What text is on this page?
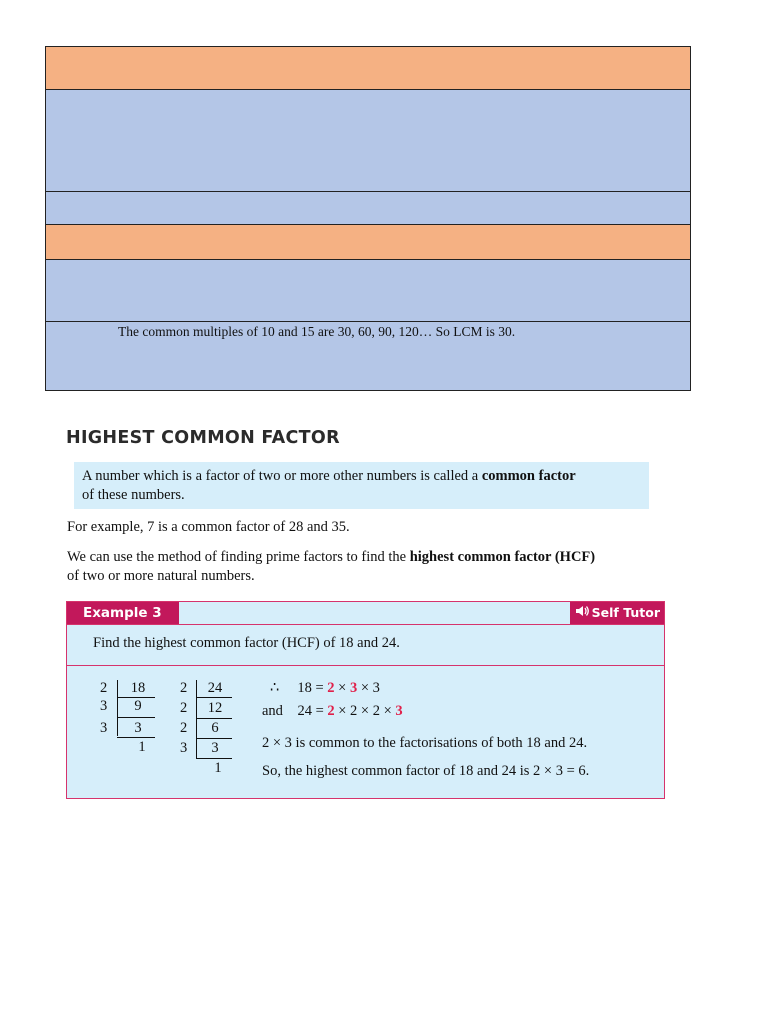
The common multiples of 10 and 15 are 30, 60, 90, 120… So LCM is 30.
HIGHEST COMMON FACTOR
A number which is a factor of two or more other numbers is called a common factor
of these numbers.
For example, 7 is a common factor of 28 and 35.
We can use the method of finding prime factors to find the highest common factor (HCF)
of two or more natural numbers.
Example 3	Self Tutor
Find the highest common factor (HCF) of 18 and 24.
2
3
3
18
9
3
1
2
2
2
3
24
12
6
3
1
∴ 18 = 2 × 3 × 3
and 24 = 2 × 2 × 2 × 3
2 × 3 is common to the factorisations of both 18 and 24.
So, the highest common factor of 18 and 24 is 2 × 3 = 6.
